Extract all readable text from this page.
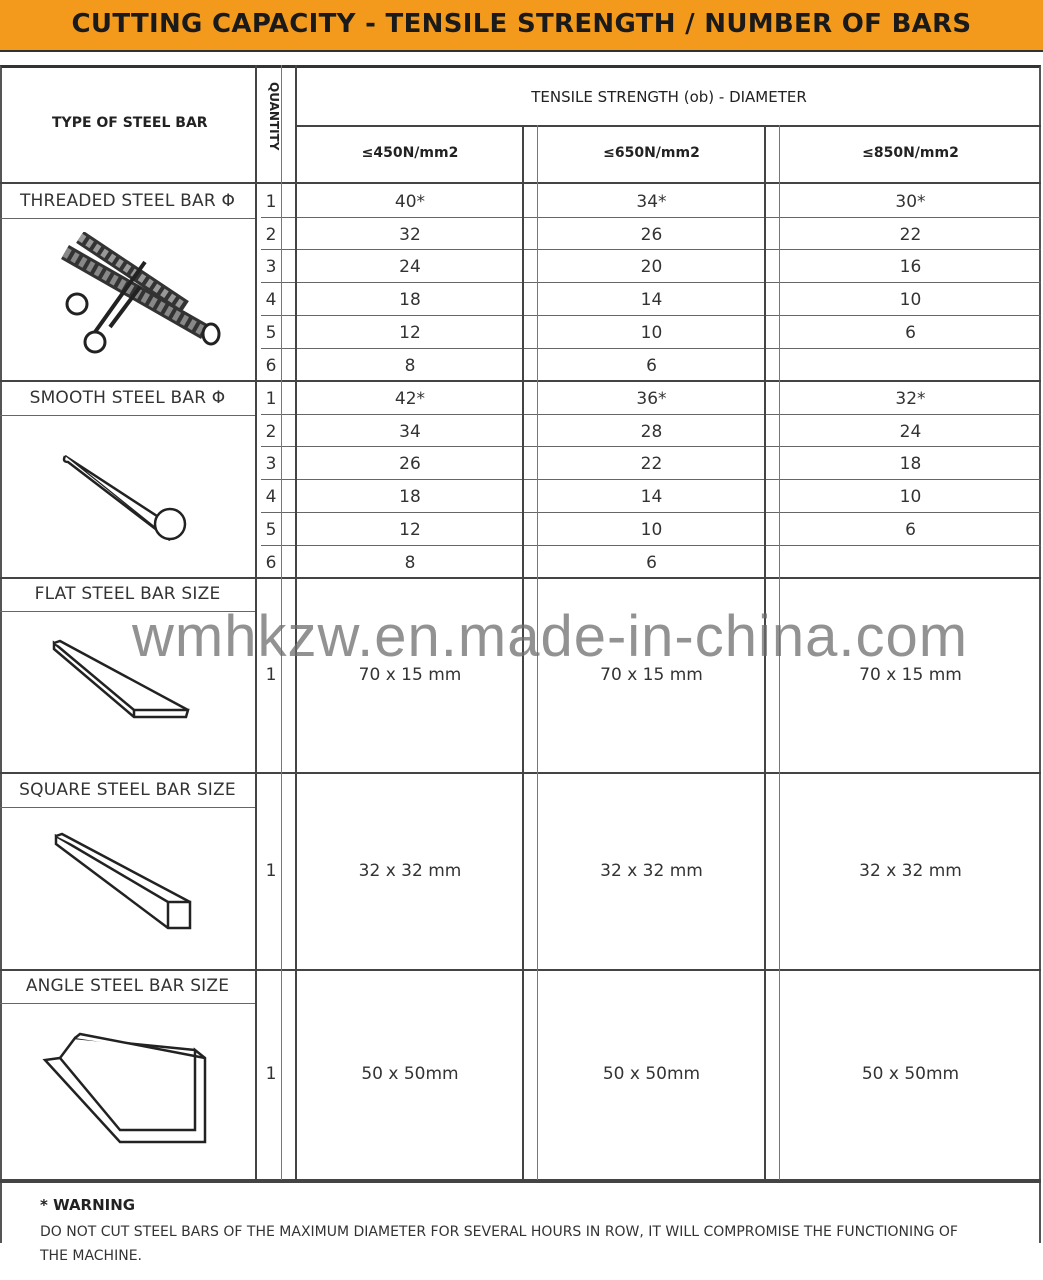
CUTTING CAPACITY - TENSILE STRENGTH / NUMBER OF BARS
TYPE OF STEEL BAR	QUANTITY	TENSILE STRENGTH (ob) - DIAMETER
≤450N/mm2	≤650N/mm2	≤850N/mm2
THREADED STEEL BAR Φ	1	40*	34*	30*
2	32	26	22
3	24	20	16
4	18	14	10
5	12	10	6
6	8	6
SMOOTH STEEL BAR Φ	1	42*	36*	32*
2	34	28	24
3	26	22	18
4	18	14	10
5	12	10	6
6	8	6
FLAT STEEL BAR SIZE
1	70 x 15 mm	70 x 15 mm	70 x 15 mm
SQUARE STEEL BAR SIZE
1	32 x 32 mm	32 x 32 mm	32 x 32 mm
ANGLE STEEL BAR SIZE
1	50 x 50mm	50 x 50mm	50 x 50mm
wmhkzw.en.made-in-china.com
* WARNING
DO NOT CUT STEEL BARS OF THE MAXIMUM DIAMETER FOR SEVERAL HOURS IN ROW, IT WILL COMPROMISE THE FUNCTIONING OF
THE MACHINE.
